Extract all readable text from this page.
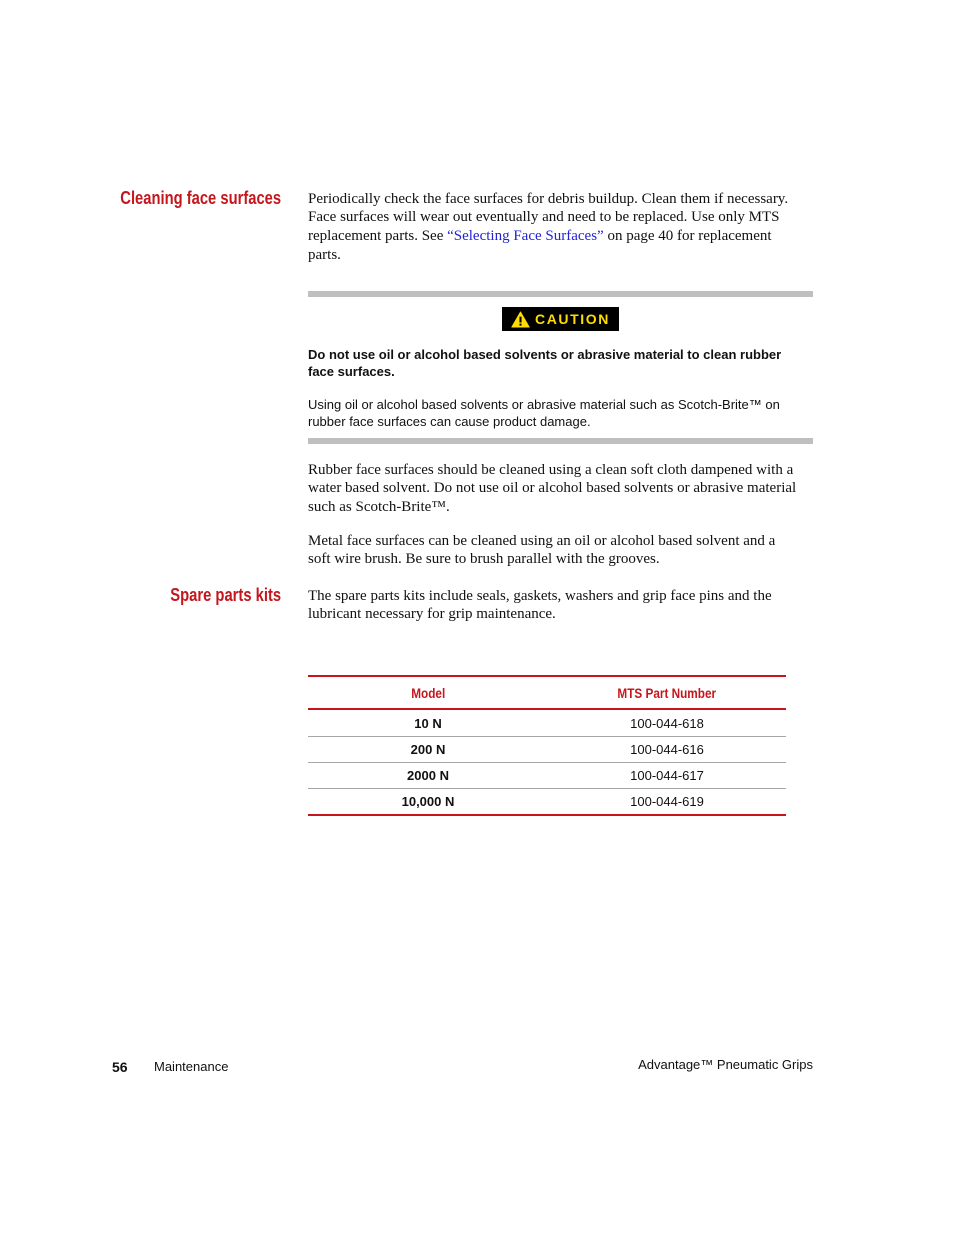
Cleaning face surfaces Periodically check the face surfaces for debris buildup. Clean them if necessary.
Face surfaces will wear out eventually and need to be replaced. Use only MTS
replacement parts. See “Selecting Face Surfaces” on page 40 for replacement
parts.
CAUTION
Do not use oil or alcohol based solvents or abrasive material to clean rubber
face surfaces.
Using oil or alcohol based solvents or abrasive material such as Scotch-Brite™ on
rubber face surfaces can cause product damage.
Rubber face surfaces should be cleaned using a clean soft cloth dampened with a
water based solvent. Do not use oil or alcohol based solvents or abrasive material
such as Scotch-Brite™.
Metal face surfaces can be cleaned using an oil or alcohol based solvent and a
soft wire brush. Be sure to brush parallel with the grooves.
Spare parts kits The spare parts kits include seals, gaskets, washers and grip face pins and the
lubricant necessary for grip maintenance.
Model	MTS Part Number
10 N	100-044-618
200 N	100-044-616
2000 N	100-044-617
10,000 N	100-044-619
56 Maintenance	Advantage™ Pneumatic Grips
